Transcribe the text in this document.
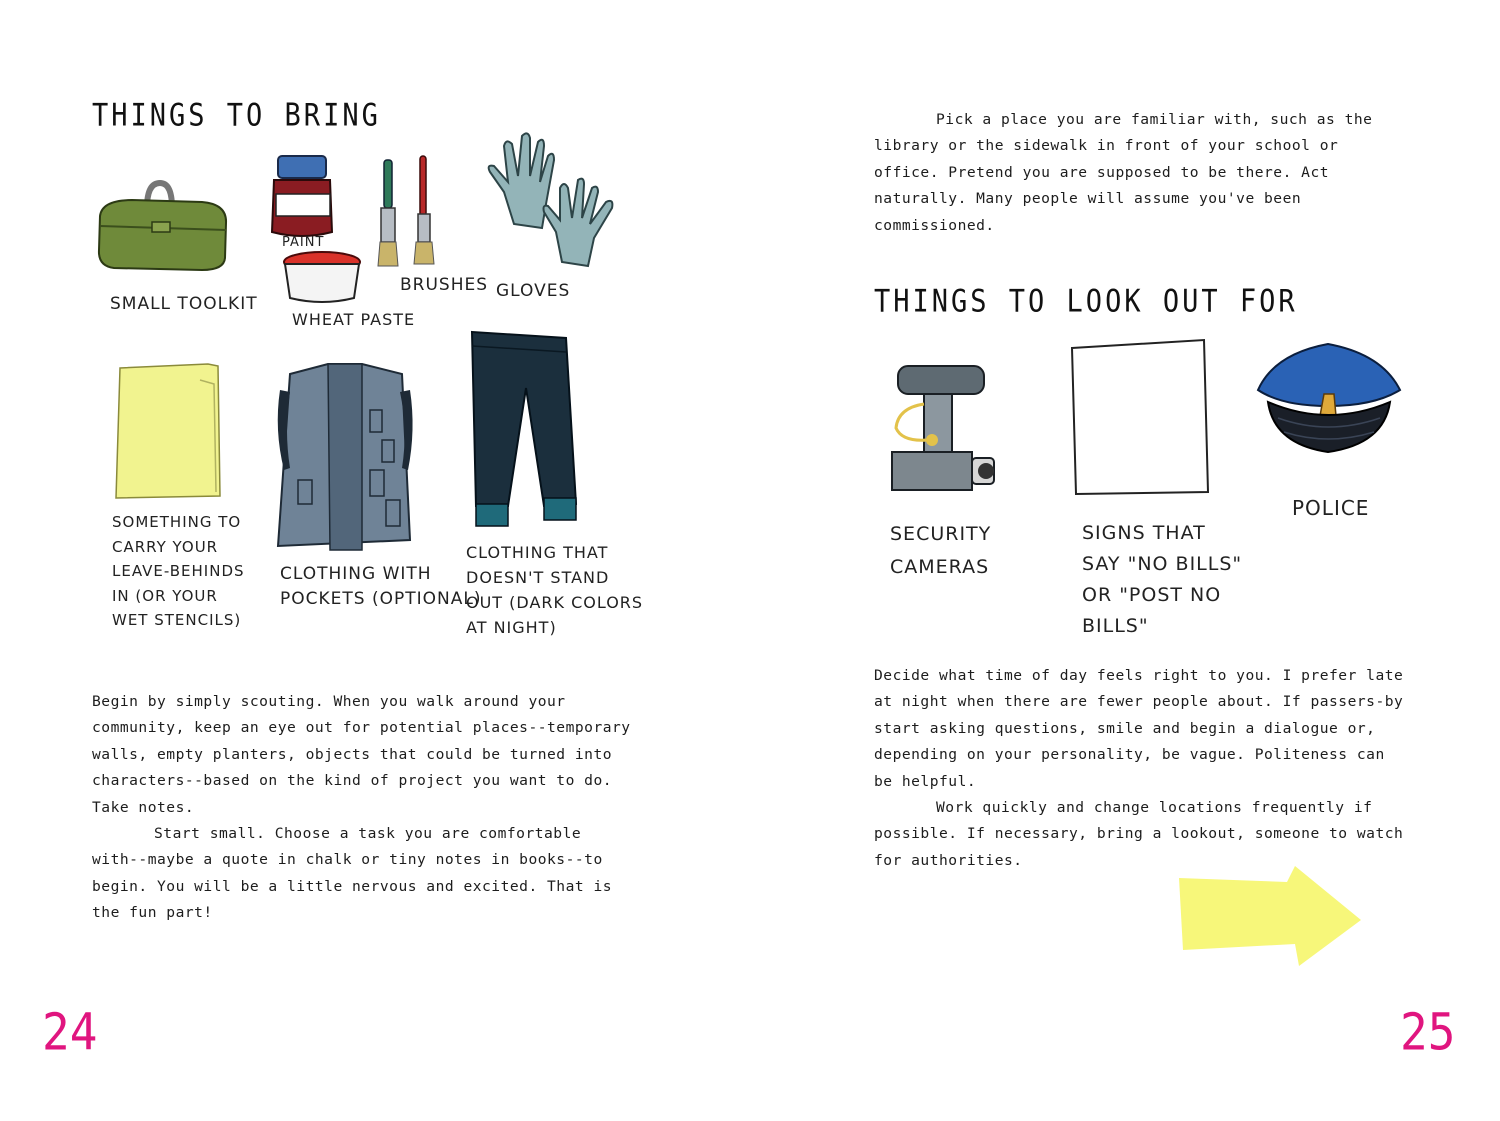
THINGS TO BRING
SMALL TOOLKIT
PAINT
WHEAT PASTE
BRUSHES GLOVES
SOMETHING TO
CARRY YOUR
LEAVE-BEHINDS
IN (OR YOUR
WET STENCILS)
CLOTHING WITH
POCKETS (OPTIONAL)
CLOTHING THAT
DOESN'T STAND
OUT (DARK COLORS
AT NIGHT)

Begin by simply scouting. When you walk around your community, keep an eye out for potential places--temporary walls, empty planters, objects that could be turned into characters--based on the kind of project you want to do. Take notes.

Start small. Choose a task you are comfortable with--maybe a quote in chalk or tiny notes in books--to begin. You will be a little nervous and excited. That is the fun part!

24

Pick a place you are familiar with, such as the library or the sidewalk in front of your school or office. Pretend you are supposed to be there. Act naturally. Many people will assume you've been commissioned.

THINGS TO LOOK OUT FOR
SECURITY
CAMERAS
SIGNS THAT
SAY "NO BILLS"
OR "POST NO
BILLS"
POLICE

Decide what time of day feels right to you. I prefer late at night when there are fewer people about. If passers-by start asking questions, smile and begin a dialogue or, depending on your personality, be vague. Politeness can be helpful.

Work quickly and change locations frequently if possible. If necessary, bring a lookout, someone to watch for authorities.

25
